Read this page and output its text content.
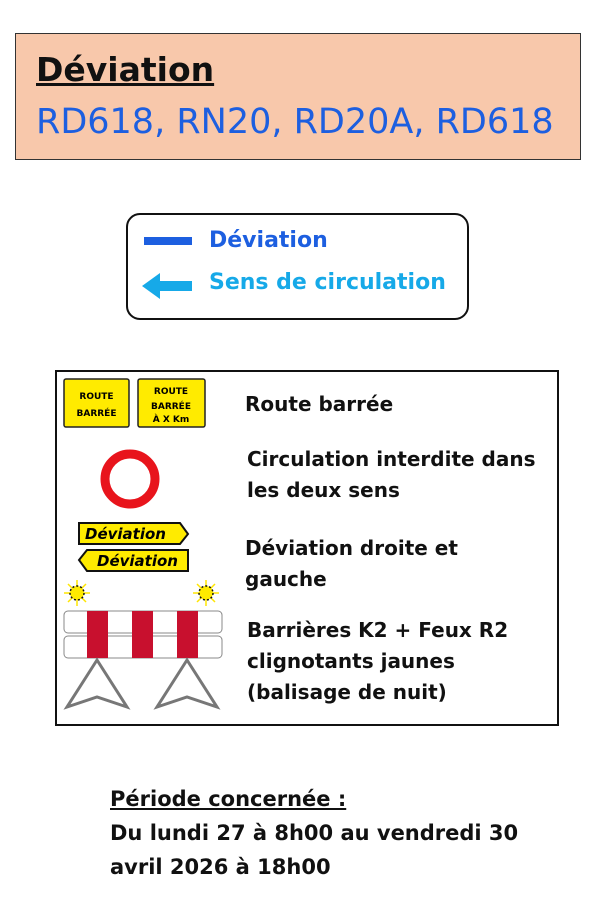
Déviation
RD618, RN20, RD20A, RD618
Déviation
Sens de circulation
ROUTE
BARRÉE
ROUTE
BARRÉE
À X Km
Déviation
Déviation
Route barrée
Circulation interdite dans
les deux sens
Déviation droite et
gauche
Barrières K2 + Feux R2
clignotants jaunes
(balisage de nuit)
Période concernée :
Du lundi 27 à 8h00 au vendredi 30
avril 2026 à 18h00
